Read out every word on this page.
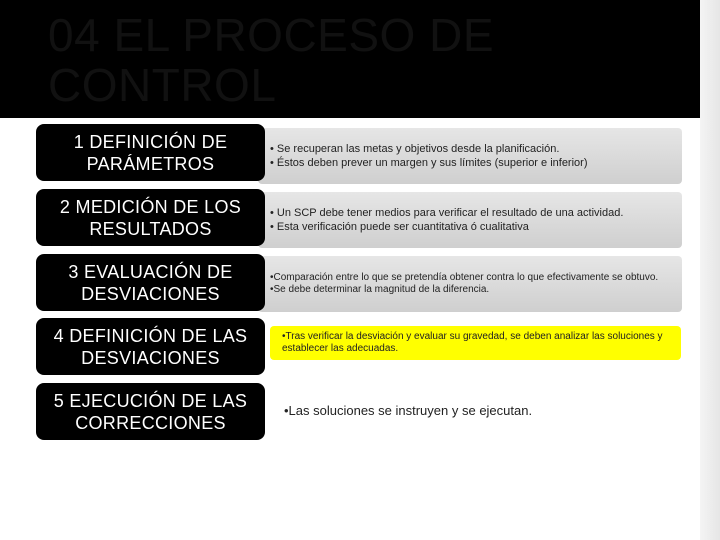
04 EL PROCESO DE CONTROL
• Se recuperan las metas y objetivos desde la planificación.
• Éstos deben prever un margen y sus límites (superior e inferior)
1 DEFINICIÓN DE PARÁMETROS
• Un SCP debe tener medios para verificar el resultado de una actividad.
• Esta verificación puede ser cuantitativa ó cualitativa
2 MEDICIÓN DE LOS RESULTADOS
•Comparación entre lo que se pretendía obtener contra lo que efectivamente se obtuvo.
•Se debe determinar la magnitud de la diferencia.
3 EVALUACIÓN DE DESVIACIONES
•Tras verificar la desviación y evaluar su gravedad, se deben analizar las soluciones y establecer las adecuadas.
4 DEFINICIÓN DE LAS DESVIACIONES
•Las soluciones se instruyen y se ejecutan.
5 EJECUCIÓN DE LAS CORRECCIONES
